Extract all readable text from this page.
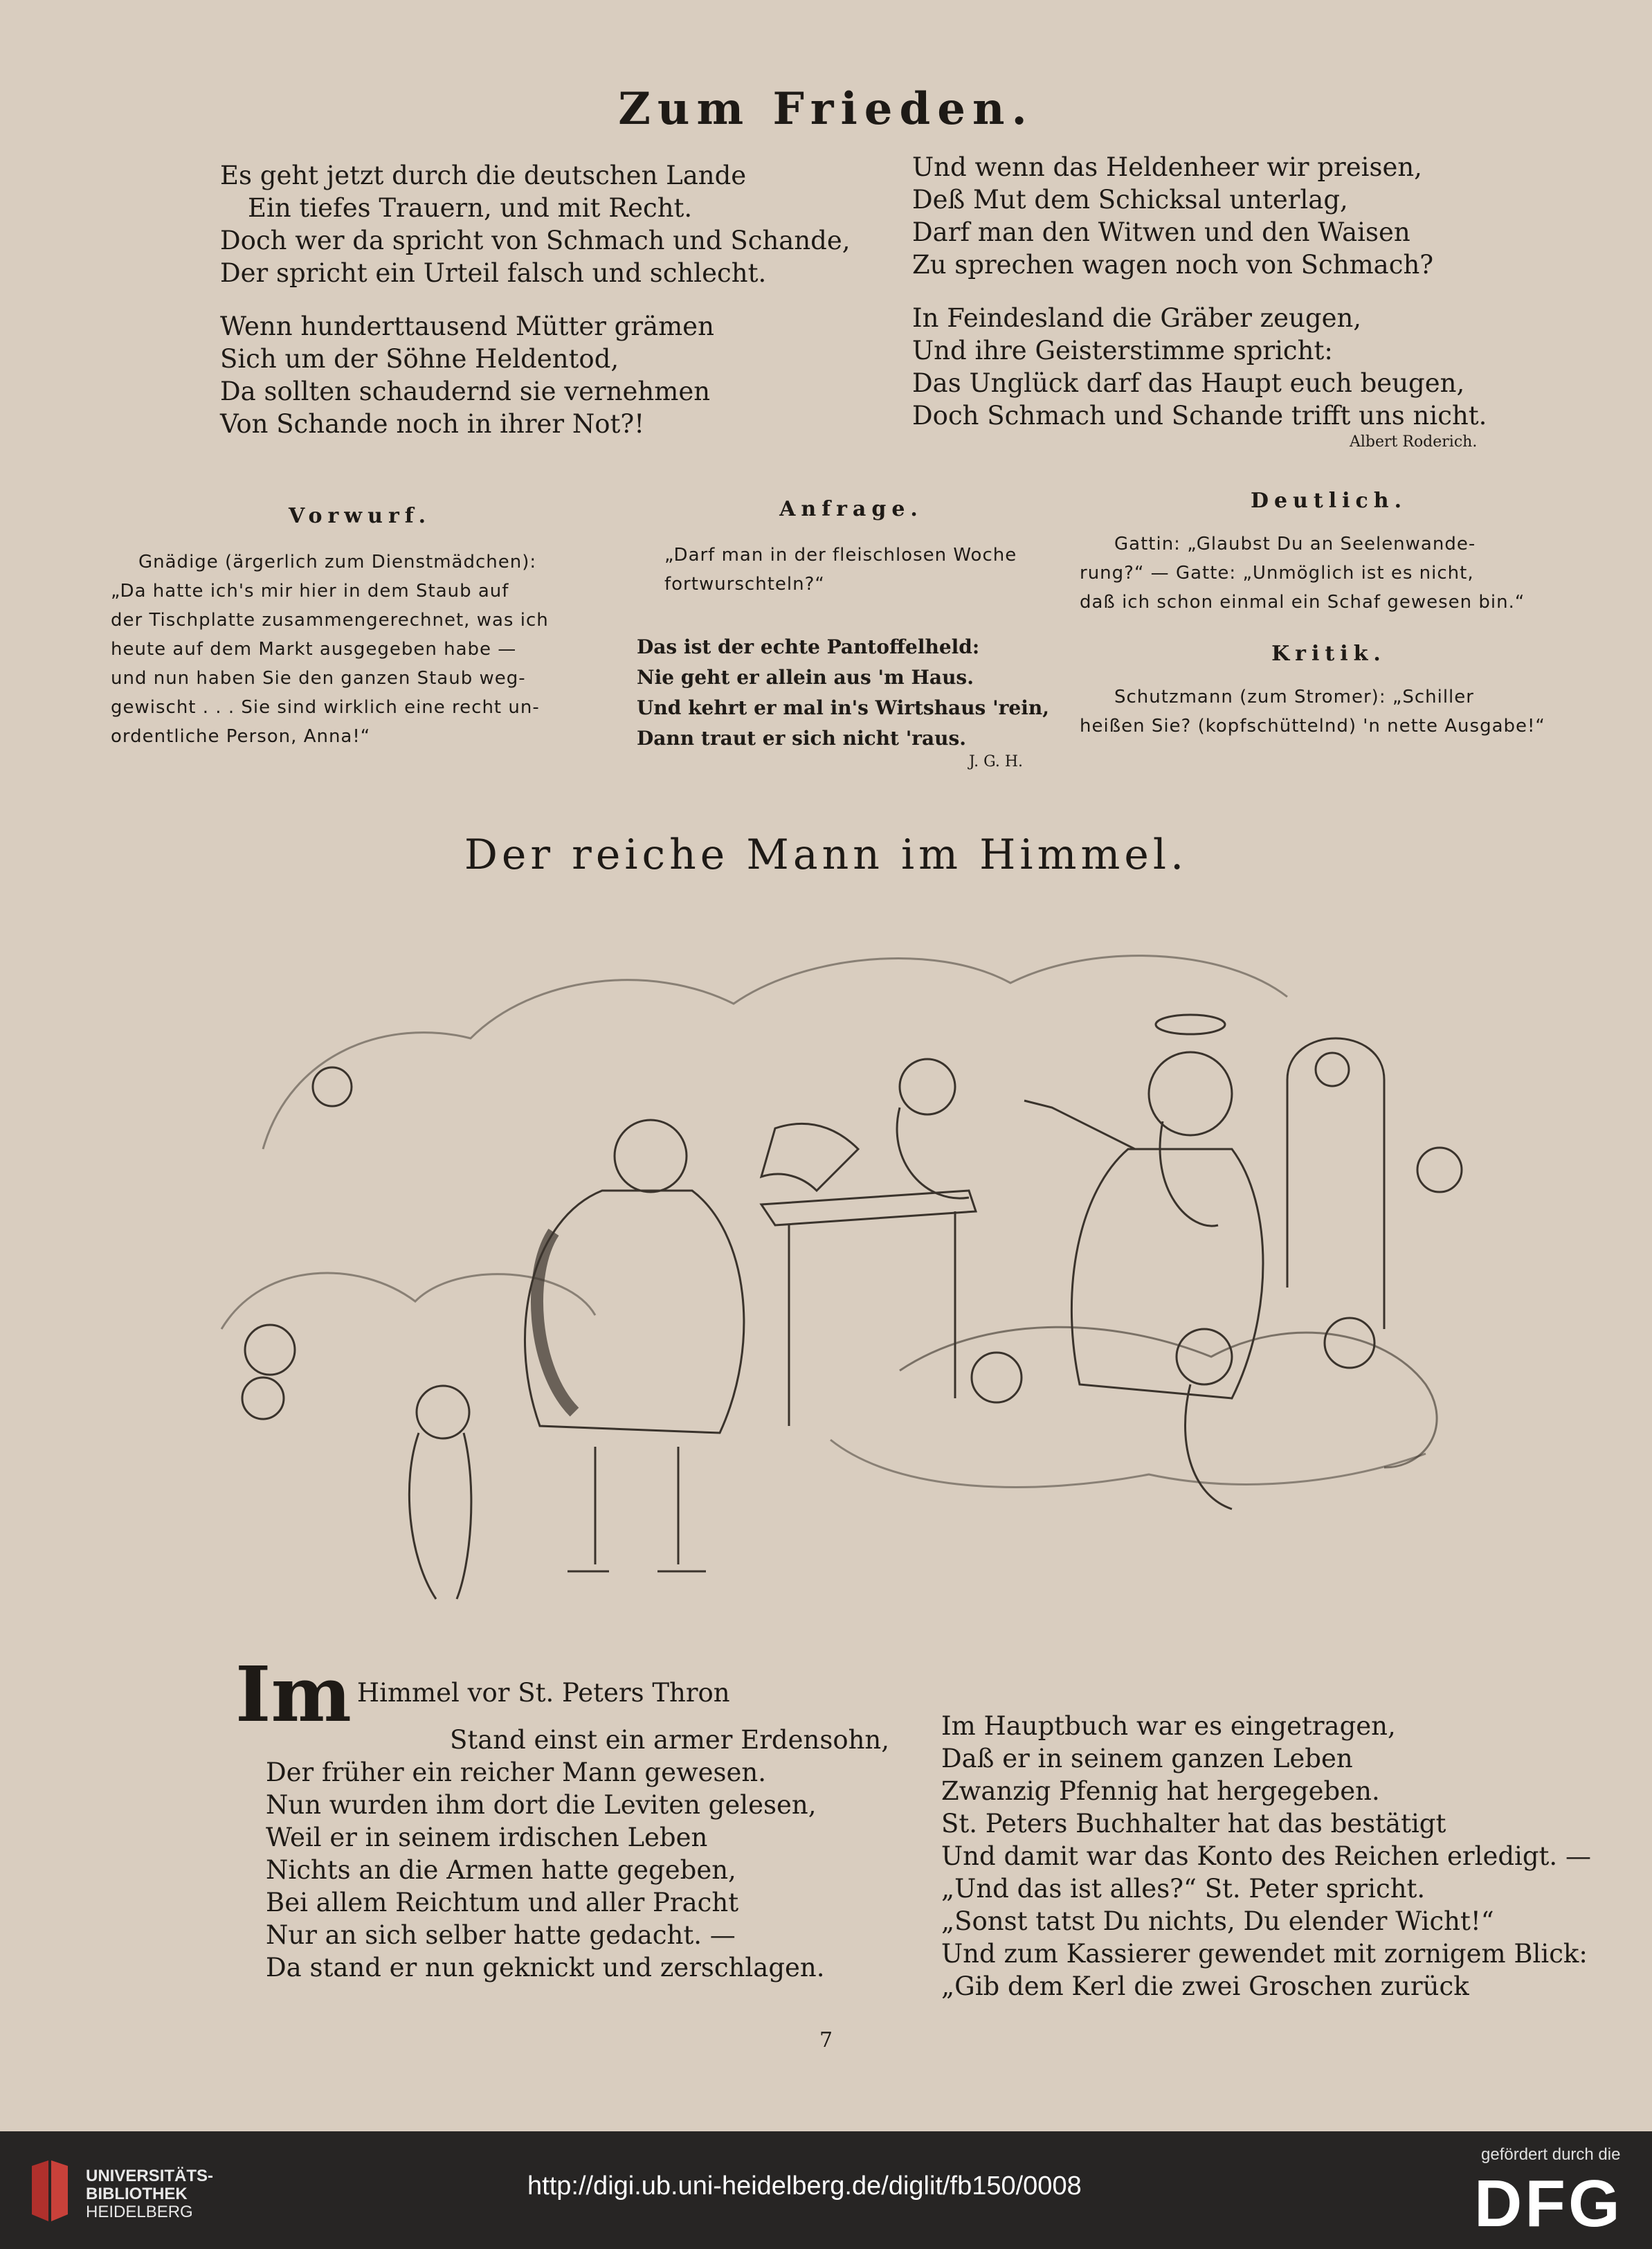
Zum Frieden.
Es geht jetzt durch die deutschen Lande
Ein tiefes Trauern, und mit Recht.
Doch wer da spricht von Schmach und Schande,
Der spricht ein Urteil falsch und schlecht.
Wenn hunderttausend Mütter grämen
Sich um der Söhne Heldentod,
Da sollten schaudernd sie vernehmen
Von Schande noch in ihrer Not?!
Und wenn das Heldenheer wir preisen,
Deß Mut dem Schicksal unterlag,
Darf man den Witwen und den Waisen
Zu sprechen wagen noch von Schmach?
In Feindesland die Gräber zeugen,
Und ihre Geisterstimme spricht:
Das Unglück darf das Haupt euch beugen,
Doch Schmach und Schande trifft uns nicht.
Albert Roderich.
Vorwurf.
Gnädige (ärgerlich zum Dienstmädchen):
„Da hatte ich's mir hier in dem Staub auf
der Tischplatte zusammengerechnet, was ich
heute auf dem Markt ausgegeben habe —
und nun haben Sie den ganzen Staub weg-
gewischt . . . Sie sind wirklich eine recht un-
ordentliche Person, Anna!“
Anfrage.
„Darf man in der fleischlosen Woche
fortwurschteln?“
Das ist der echte Pantoffelheld:
Nie geht er allein aus 'm Haus.
Und kehrt er mal in's Wirtshaus 'rein,
Dann traut er sich nicht 'raus.
J. G. H.
Deutlich.
Gattin: „Glaubst Du an Seelenwande-
rung?“ — Gatte: „Unmöglich ist es nicht,
daß ich schon einmal ein Schaf gewesen bin.“
Kritik.
Schutzmann (zum Stromer): „Schiller
heißen Sie? (kopfschüttelnd) 'n nette Ausgabe!“
Der reiche Mann im Himmel.
Im Himmel vor St. Peters Thron
Stand einst ein armer Erdensohn,
Der früher ein reicher Mann gewesen.
Nun wurden ihm dort die Leviten gelesen,
Weil er in seinem irdischen Leben
Nichts an die Armen hatte gegeben,
Bei allem Reichtum und aller Pracht
Nur an sich selber hatte gedacht. —
Da stand er nun geknickt und zerschlagen.
Im Hauptbuch war es eingetragen,
Daß er in seinem ganzen Leben
Zwanzig Pfennig hat hergegeben.
St. Peters Buchhalter hat das bestätigt
Und damit war das Konto des Reichen erledigt. —
„Und das ist alles?“ St. Peter spricht.
„Sonst tatst Du nichts, Du elender Wicht!“
Und zum Kassierer gewendet mit zornigem Blick:
„Gib dem Kerl die zwei Groschen zurück
7
UNIVERSITÄTS-
BIBLIOTHEK
HEIDELBERG
http://digi.ub.uni-heidelberg.de/diglit/fb150/0008
gefördert durch die
DFG
